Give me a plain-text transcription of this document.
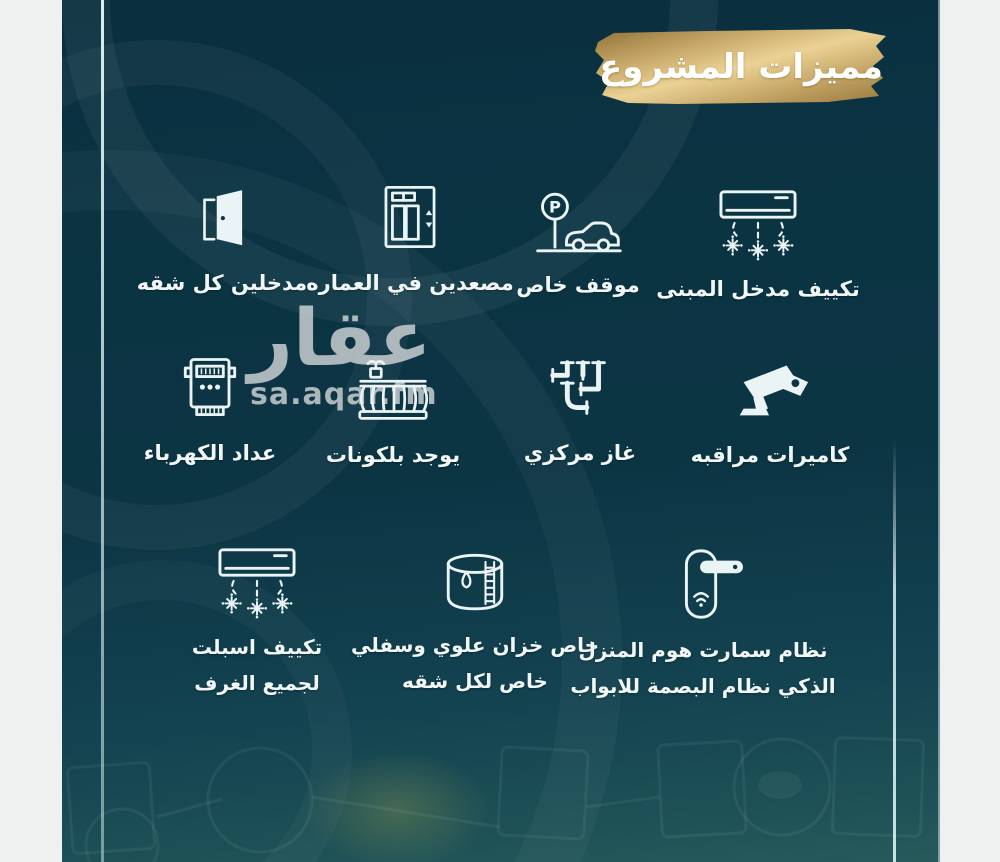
مميزات المشروع
عقار
sa.aqar.fm
مدخلين كل شقه مصعدين في العماره
P
موقف خاص تكييف مدخل المبنى
عداد الكهرباء يوجد بلكونات	غاز مركزي	كاميرات مراقبه
تكييف اسبلت
لجميع الغرف
خاص خزان علوي وسفلي
خاص لكل شقه
نظام سمارت هوم المنزل
الذكي نظام البصمة للابواب
